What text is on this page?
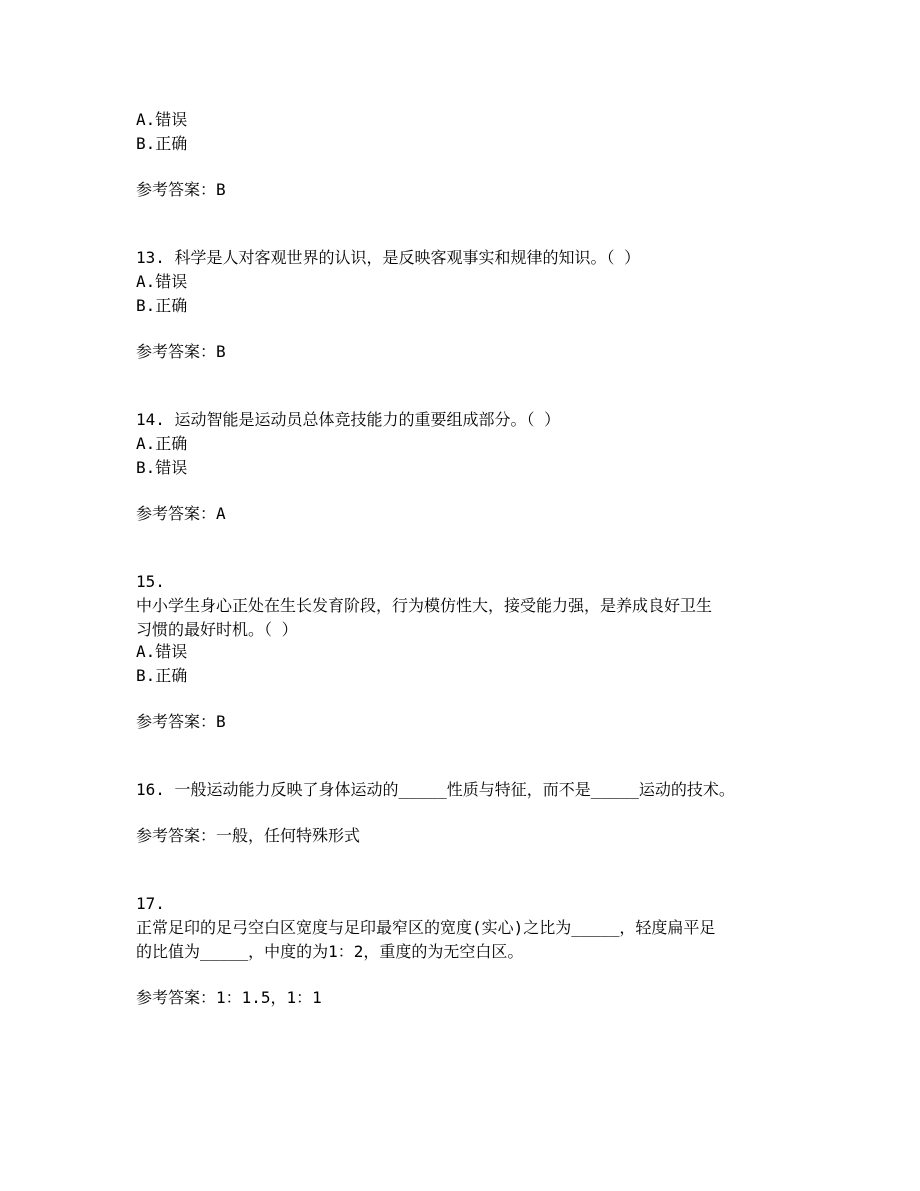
A.错误
B.正确
参考答案：B
13. 科学是人对客观世界的认识，是反映客观事实和规律的知识。（ ）
A.错误
B.正确
参考答案：B
14. 运动智能是运动员总体竞技能力的重要组成部分。（ ）
A.正确
B.错误
参考答案：A
15.
中小学生身心正处在生长发育阶段，行为模仿性大，接受能力强，是养成良好卫生
习惯的最好时机。（ ）
A.错误
B.正确
参考答案：B
16. 一般运动能力反映了身体运动的_____性质与特征，而不是_____运动的技术。
参考答案：一般，任何特殊形式
17.
正常足印的足弓空白区宽度与足印最窄区的宽度(实心)之比为_____，轻度扁平足
的比值为_____，中度的为1：2，重度的为无空白区。
参考答案：1：1.5，1：1
